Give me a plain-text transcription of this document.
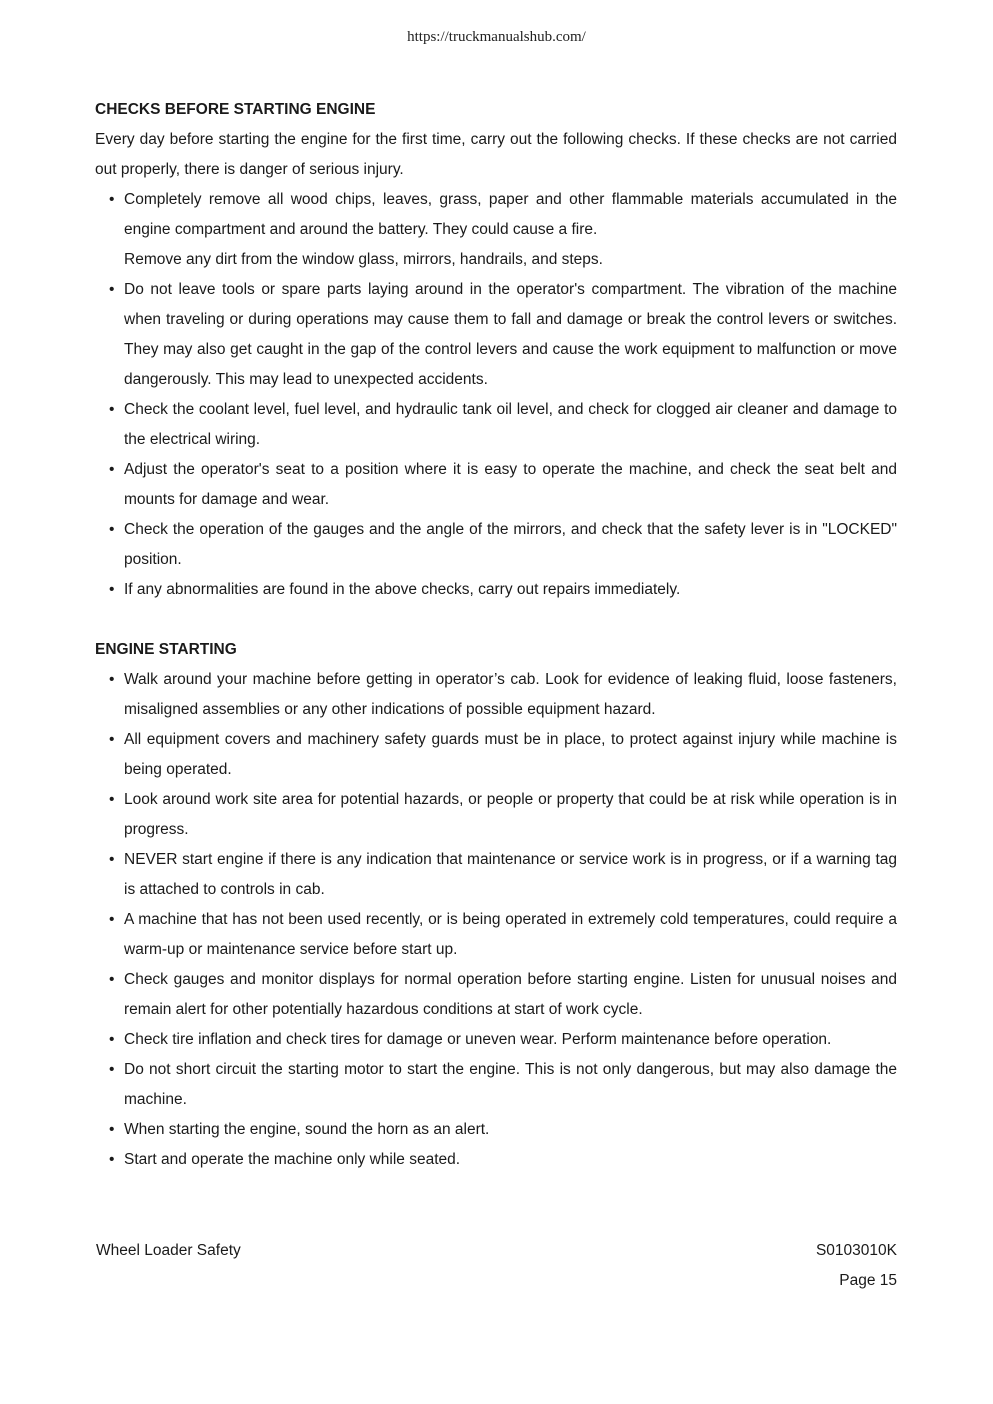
https://truckmanualshub.com/

CHECKS BEFORE STARTING ENGINE

Every day before starting the engine for the first time, carry out the following checks. If these checks are not carried out properly, there is danger of serious injury.

• Completely remove all wood chips, leaves, grass, paper and other flammable materials accumulated in the engine compartment and around the battery. They could cause a fire.
Remove any dirt from the window glass, mirrors, handrails, and steps.
• Do not leave tools or spare parts laying around in the operator's compartment. The vibration of the machine when traveling or during operations may cause them to fall and damage or break the control levers or switches. They may also get caught in the gap of the control levers and cause the work equipment to malfunction or move dangerously. This may lead to unexpected accidents.
• Check the coolant level, fuel level, and hydraulic tank oil level, and check for clogged air cleaner and damage to the electrical wiring.
• Adjust the operator's seat to a position where it is easy to operate the machine, and check the seat belt and mounts for damage and wear.
• Check the operation of the gauges and the angle of the mirrors, and check that the safety lever is in "LOCKED" position.
• If any abnormalities are found in the above checks, carry out repairs immediately.

ENGINE STARTING

• Walk around your machine before getting in operator’s cab. Look for evidence of leaking fluid, loose fasteners, misaligned assemblies or any other indications of possible equipment hazard.
• All equipment covers and machinery safety guards must be in place, to protect against injury while machine is being operated.
• Look around work site area for potential hazards, or people or property that could be at risk while operation is in progress.
• NEVER start engine if there is any indication that maintenance or service work is in progress, or if a warning tag is attached to controls in cab.
• A machine that has not been used recently, or is being operated in extremely cold temperatures, could require a warm-up or maintenance service before start up.
• Check gauges and monitor displays for normal operation before starting engine. Listen for unusual noises and remain alert for other potentially hazardous conditions at start of work cycle.
• Check tire inflation and check tires for damage or uneven wear. Perform maintenance before operation.
• Do not short circuit the starting motor to start the engine. This is not only dangerous, but may also damage the machine.
• When starting the engine, sound the horn as an alert.
• Start and operate the machine only while seated.
Wheel Loader Safety	S0103010K
Page 15
